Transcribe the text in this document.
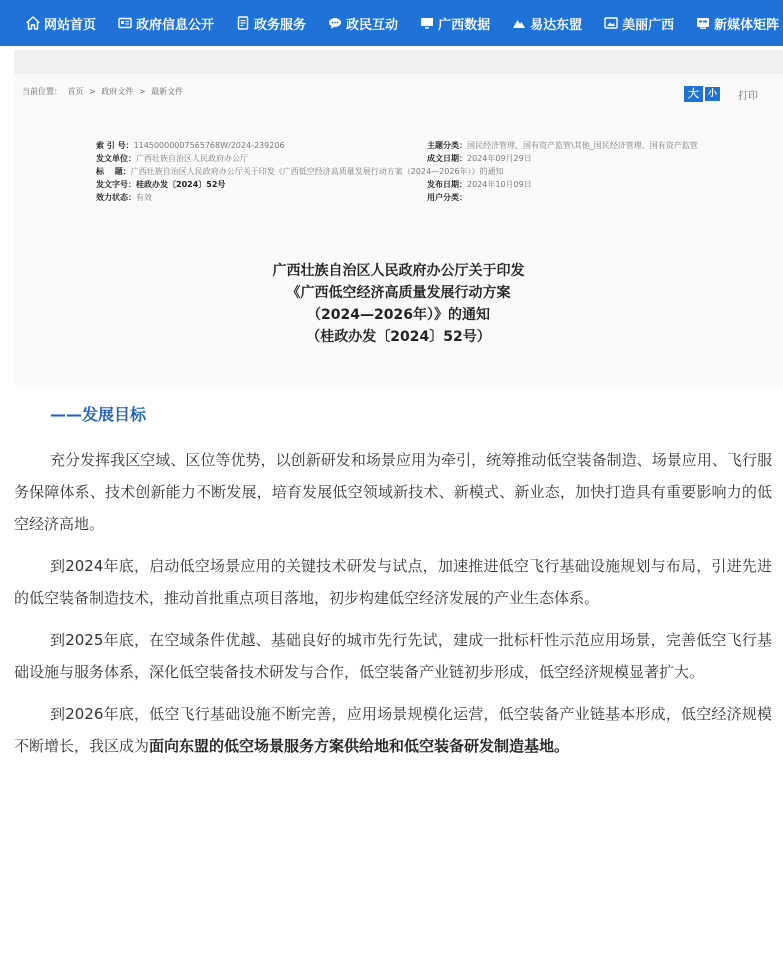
网站首页	政府信息公开	政务服务	政民互动	广西数据	易达东盟	美丽广西	新媒体矩阵
当前位置： 首页 > 政府文件 > 最新文件	大	小	打印
索 引 号：114500000075657​68W/2024-239206	主题分类：国民经济管理、国有资产监管\其他_国民经济管理、国有资产监管
发文单位：广西壮族自治区人民政府办公厅	成文日期：2024年09月29日
标　 题：广西壮族自治区人民政府办公厅关于印发《广西低空经济高质量发展行动方案（2024—2026年）》的通知
发文字号：桂政办发〔2024〕52号	发布日期：2024年10月09日
效力状态：有效	用户分类：
广西壮族自治区人民政府办公厅关于印发
《广西低空经济高质量发展行动方案
（2024—2026年）》的通知
（桂政办发〔2024〕52号）
——发展目标

充分发挥我区空域、区位等优势，以创新研发和场景应用为牵引，统筹推动低空装备制造、场景应用、飞行服务保障体系、技术创新能力不断发展，培育发展低空领域新技术、新模式、新业态，加快打造具有重要影响力的低空经济高地。

到2024年底，启动低空场景应用的关键技术研发与试点，加速推进低空飞行基础设施规划与布局，引进先进的低空装备制造技术，推动首批重点项目落地，初步构建低空经济发展的产业生态体系。

到2025年底，在空域条件优越、基础良好的城市先行先试，建成一批标杆性示范应用场景，完善低空飞行基础设施与服务体系，深化低空装备技术研发与合作，低空装备产业链初步形成，低空经济规模显著扩大。

到2026年底，低空飞行基础设施不断完善，应用场景规模化运营，低空装备产业链基本形成，低空经济规模不断增长，我区成为面向东盟的低空场景服务方案供给地和低空装备研发制造基地。
